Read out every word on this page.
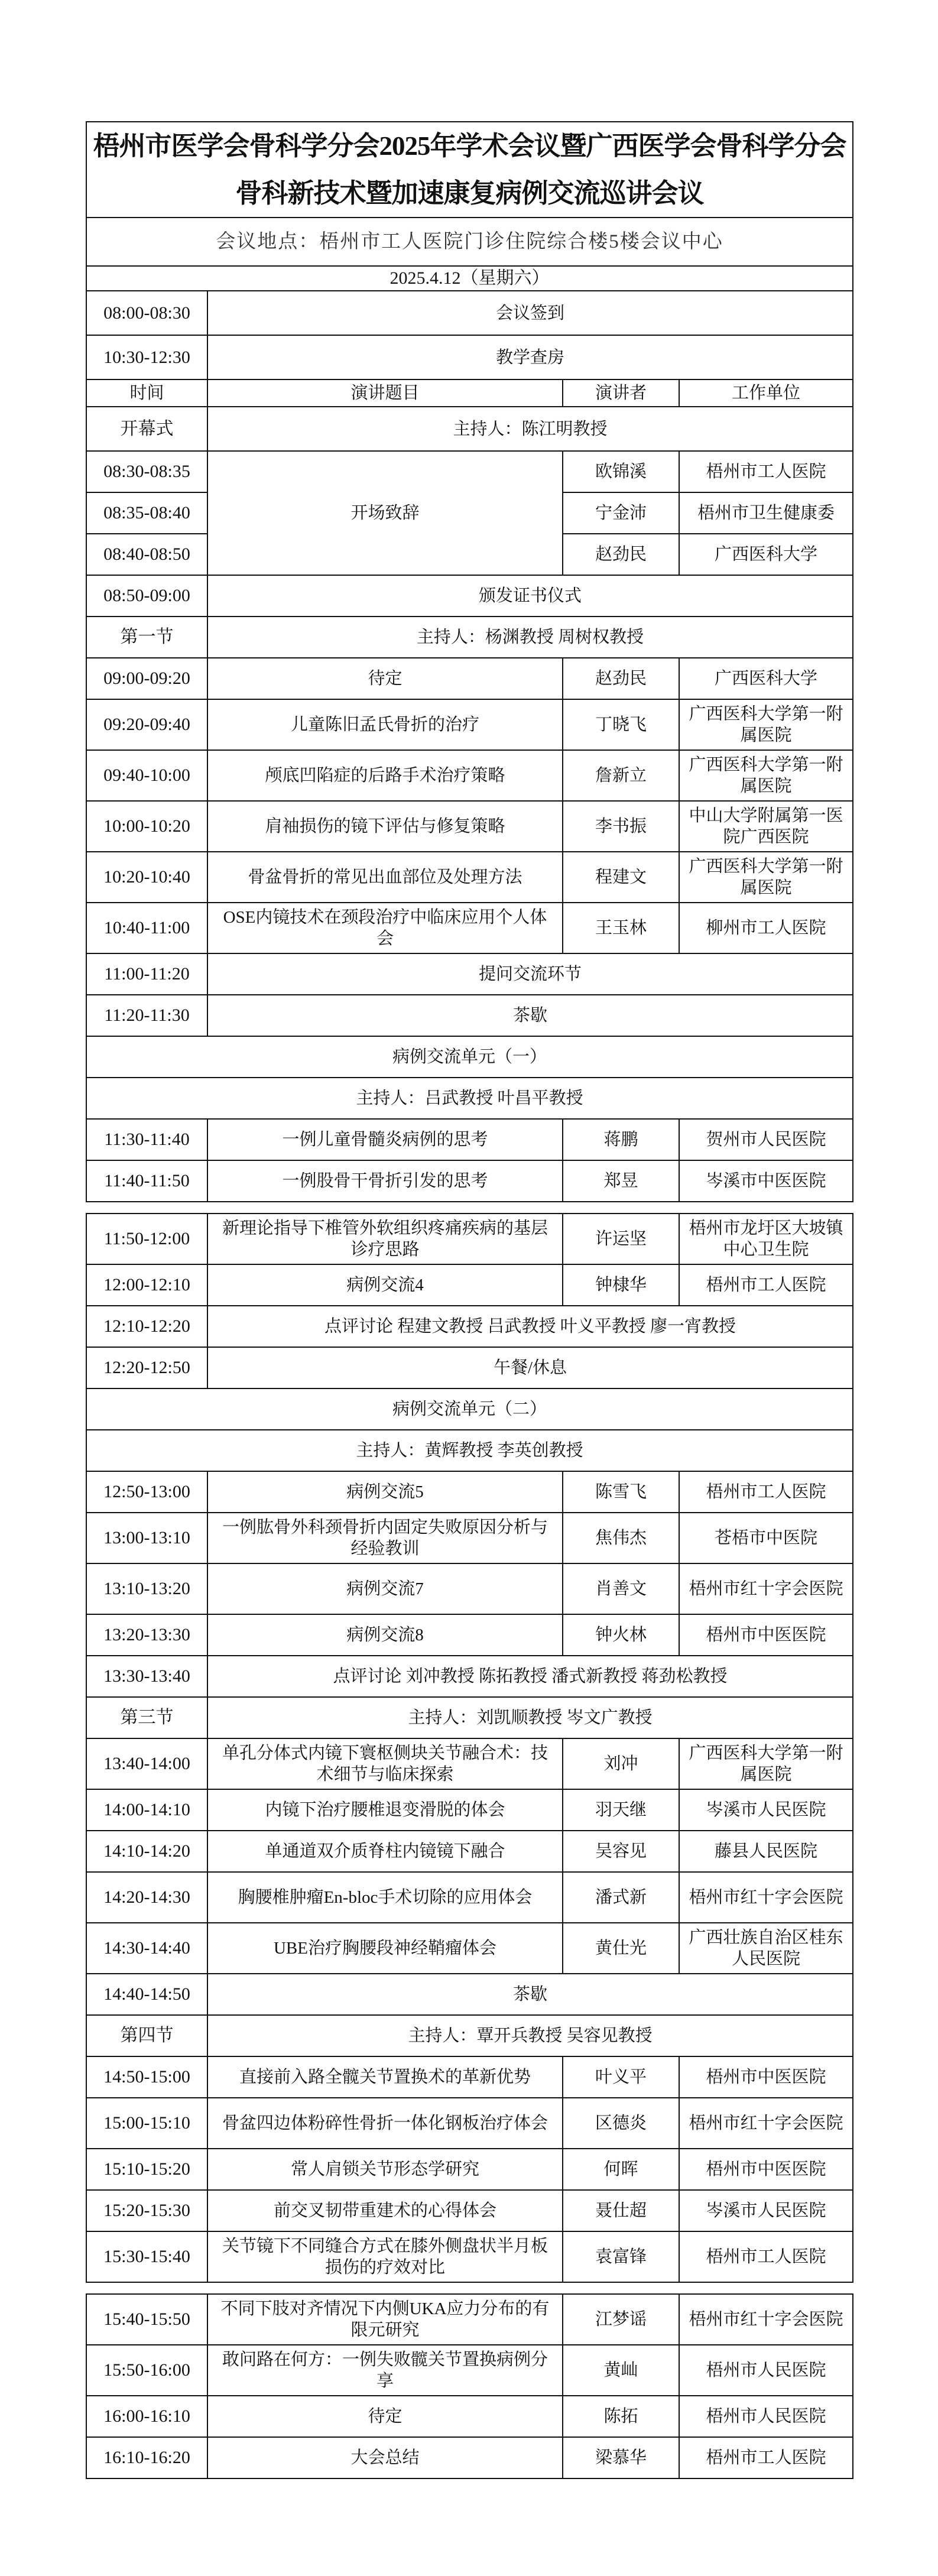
梧州市医学会骨科学分会2025年学术会议暨广西医学会骨科学分会
骨科新技术暨加速康复病例交流巡讲会议			
会议地点：梧州市工人医院门诊住院综合楼5楼会议中心			
2025.4.12（星期六）			
08:00-08:30	会议签到		
10:30-12:30	教学查房		
时间	演讲题目	演讲者	工作单位
开幕式	主持人：陈江明教授		
08:30-08:35	开场致辞	欧锦溪	梧州市工人医院
08:35-08:40		宁金沛	梧州市卫生健康委
08:40-08:50		赵劲民	广西医科大学
08:50-09:00	颁发证书仪式		
第一节	主持人：杨渊教授 周树权教授		
09:00-09:20	待定	赵劲民	广西医科大学
09:20-09:40	儿童陈旧孟氏骨折的治疗	丁晓飞	广西医科大学第一附属医院
09:40-10:00	颅底凹陷症的后路手术治疗策略	詹新立	广西医科大学第一附属医院
10:00-10:20	肩袖损伤的镜下评估与修复策略	李书振	中山大学附属第一医院广西医院
10:20-10:40	骨盆骨折的常见出血部位及处理方法	程建文	广西医科大学第一附属医院
10:40-11:00	OSE内镜技术在颈段治疗中临床应用个人体会	王玉林	柳州市工人医院
11:00-11:20	提问交流环节		
11:20-11:30	茶歇		
病例交流单元（一）			
主持人：吕武教授 叶昌平教授			
11:30-11:40	一例儿童骨髓炎病例的思考	蒋鹏	贺州市人民医院
11:40-11:50	一例股骨干骨折引发的思考	郑昱	岑溪市中医医院
11:50-12:00	新理论指导下椎管外软组织疼痛疾病的基层诊疗思路	许运坚	梧州市龙圩区大坡镇中心卫生院
12:00-12:10	病例交流4	钟棣华	梧州市工人医院
12:10-12:20	点评讨论 程建文教授 吕武教授 叶义平教授 廖一宵教授		
12:20-12:50	午餐/休息		
病例交流单元（二）			
主持人：黄辉教授 李英创教授			
12:50-13:00	病例交流5	陈雪飞	梧州市工人医院
13:00-13:10	一例肱骨外科颈骨折内固定失败原因分析与经验教训	焦伟杰	苍梧市中医院
13:10-13:20	病例交流7	肖善文	梧州市红十字会医院
13:20-13:30	病例交流8	钟火林	梧州市中医医院
13:30-13:40	点评讨论 刘冲教授 陈拓教授 潘式新教授 蒋劲松教授		
第三节	主持人：刘凯顺教授 岑文广教授		
13:40-14:00	单孔分体式内镜下寰枢侧块关节融合术：技术细节与临床探索	刘冲	广西医科大学第一附属医院
14:00-14:10	内镜下治疗腰椎退变滑脱的体会	羽天继	岑溪市人民医院
14:10-14:20	单通道双介质脊柱内镜镜下融合	吴容见	藤县人民医院
14:20-14:30	胸腰椎肿瘤En-bloc手术切除的应用体会	潘式新	梧州市红十字会医院
14:30-14:40	UBE治疗胸腰段神经鞘瘤体会	黄仕光	广西壮族自治区桂东人民医院
14:40-14:50	茶歇		
第四节	主持人：覃开兵教授 吴容见教授		
14:50-15:00	直接前入路全髋关节置换术的革新优势	叶义平	梧州市中医医院
15:00-15:10	骨盆四边体粉碎性骨折一体化钢板治疗体会	区德炎	梧州市红十字会医院
15:10-15:20	常人肩锁关节形态学研究	何晖	梧州市中医医院
15:20-15:30	前交叉韧带重建术的心得体会	聂仕超	岑溪市人民医院
15:30-15:40	关节镜下不同缝合方式在膝外侧盘状半月板损伤的疗效对比	袁富锋	梧州市工人医院
15:40-15:50	不同下肢对齐情况下内侧UKA应力分布的有限元研究	江梦谣	梧州市红十字会医院
15:50-16:00	敢问路在何方：一例失败髋关节置换病例分享	黄屾	梧州市人民医院
16:00-16:10	待定	陈拓	梧州市人民医院
16:10-16:20	大会总结	梁慕华	梧州市工人医院
